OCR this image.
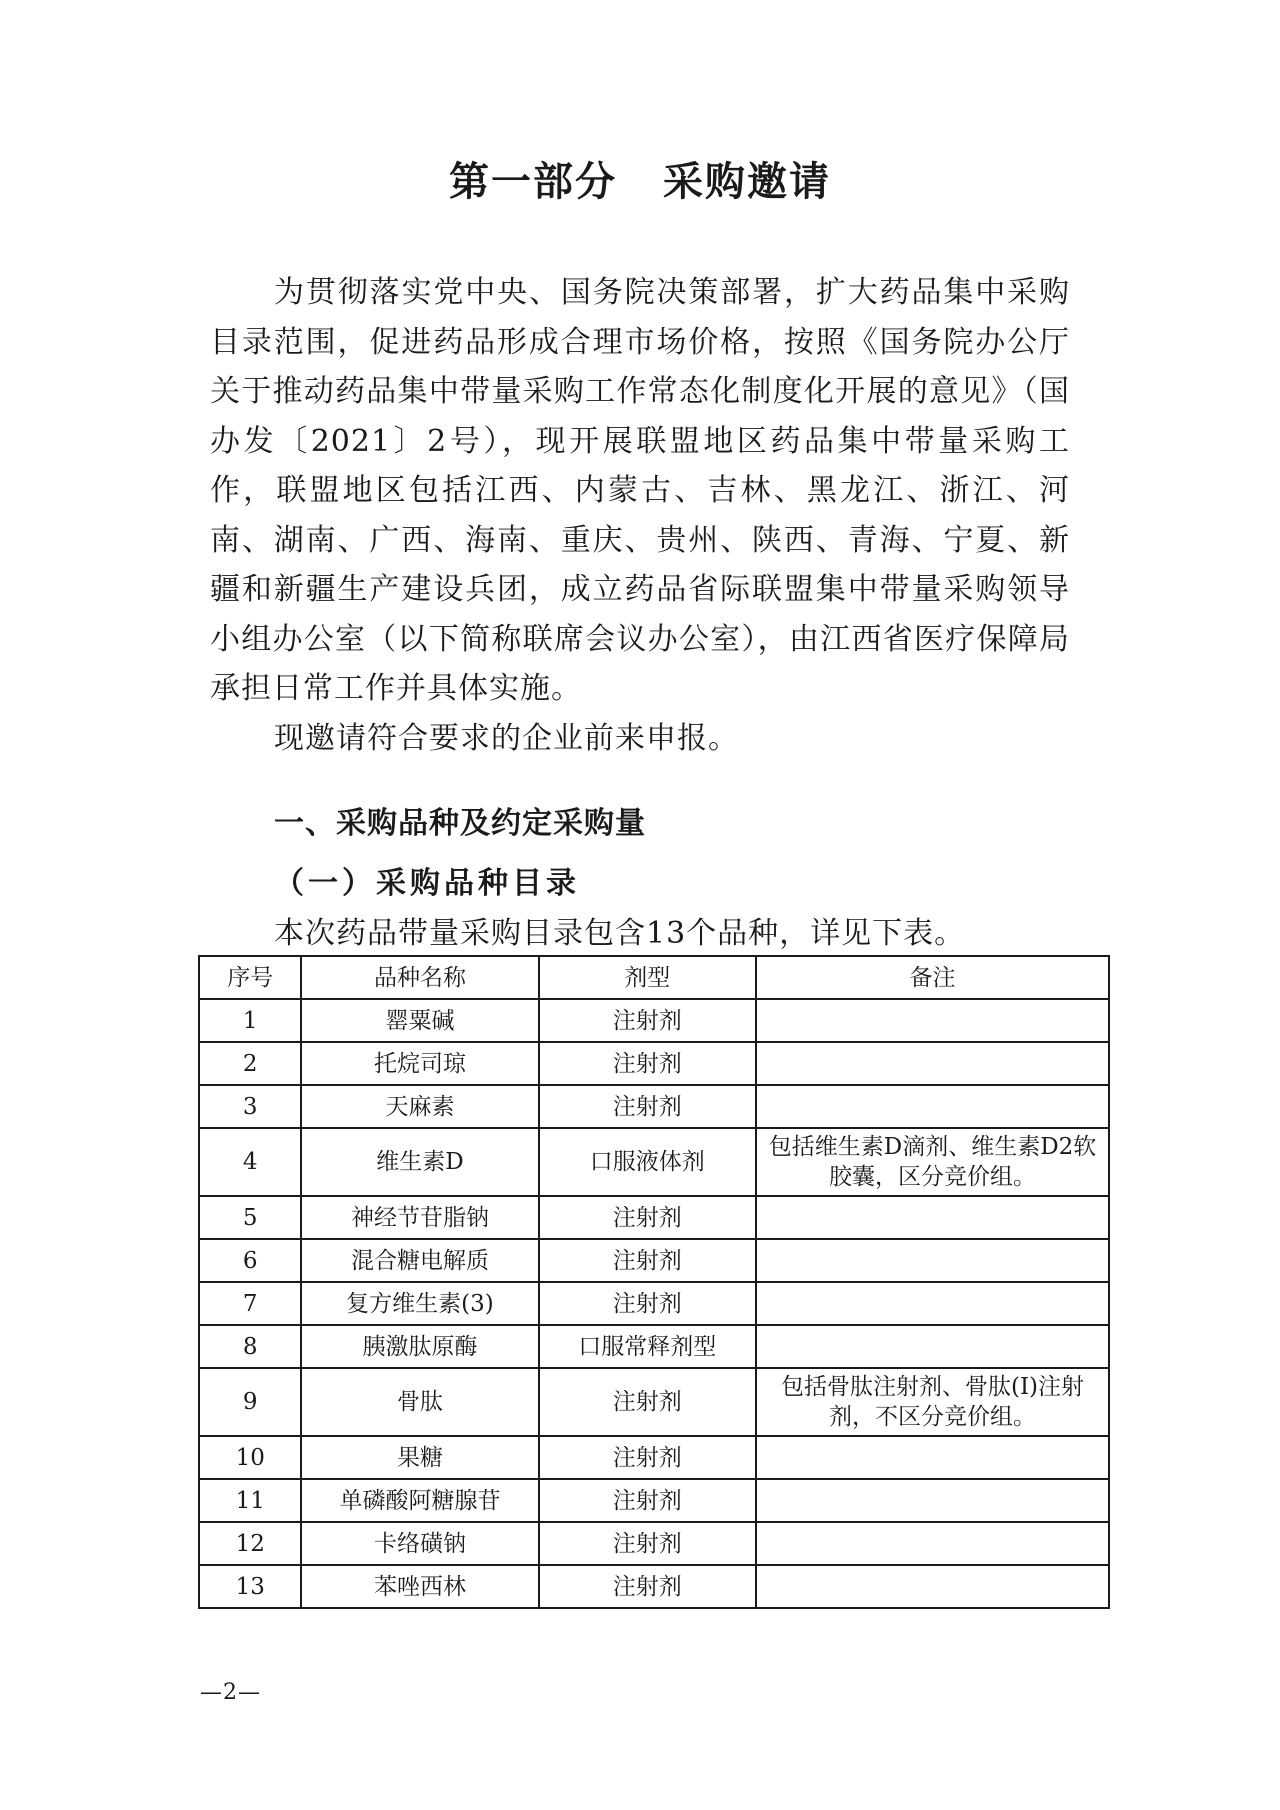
第一部分 采购邀请

为贯彻落实党中央、国务院决策部署，扩大药品集中采购目录范围，促进药品形成合理市场价格，按照《国务院办公厅关于推动药品集中带量采购工作常态化制度化开展的意见》（国办发〔2021〕2号），现开展联盟地区药品集中带量采购工作，联盟地区包括江西、内蒙古、吉林、黑龙江、浙江、河南、湖南、广西、海南、重庆、贵州、陕西、青海、宁夏、新疆和新疆生产建设兵团，成立药品省际联盟集中带量采购领导小组办公室（以下简称联席会议办公室），由江西省医疗保障局承担日常工作并具体实施。

现邀请符合要求的企业前来申报。

一、采购品种及约定采购量
（一）采购品种目录
本次药品带量采购目录包含13个品种，详见下表。
序号	品种名称	剂型	备注
1	罂粟碱	注射剂	
2	托烷司琼	注射剂	
3	天麻素	注射剂	
4	维生素D	口服液体剂	包括维生素D滴剂、维生素D2软胶囊，区分竞价组。
5	神经节苷脂钠	注射剂	
6	混合糖电解质	注射剂	
7	复方维生素(3)	注射剂	
8	胰激肽原酶	口服常释剂型	
9	骨肽	注射剂	包括骨肽注射剂、骨肽(Ⅰ)注射剂，不区分竞价组。
10	果糖	注射剂	
11	单磷酸阿糖腺苷	注射剂	
12	卡络磺钠	注射剂	
13	苯唑西林	注射剂	
—2—
